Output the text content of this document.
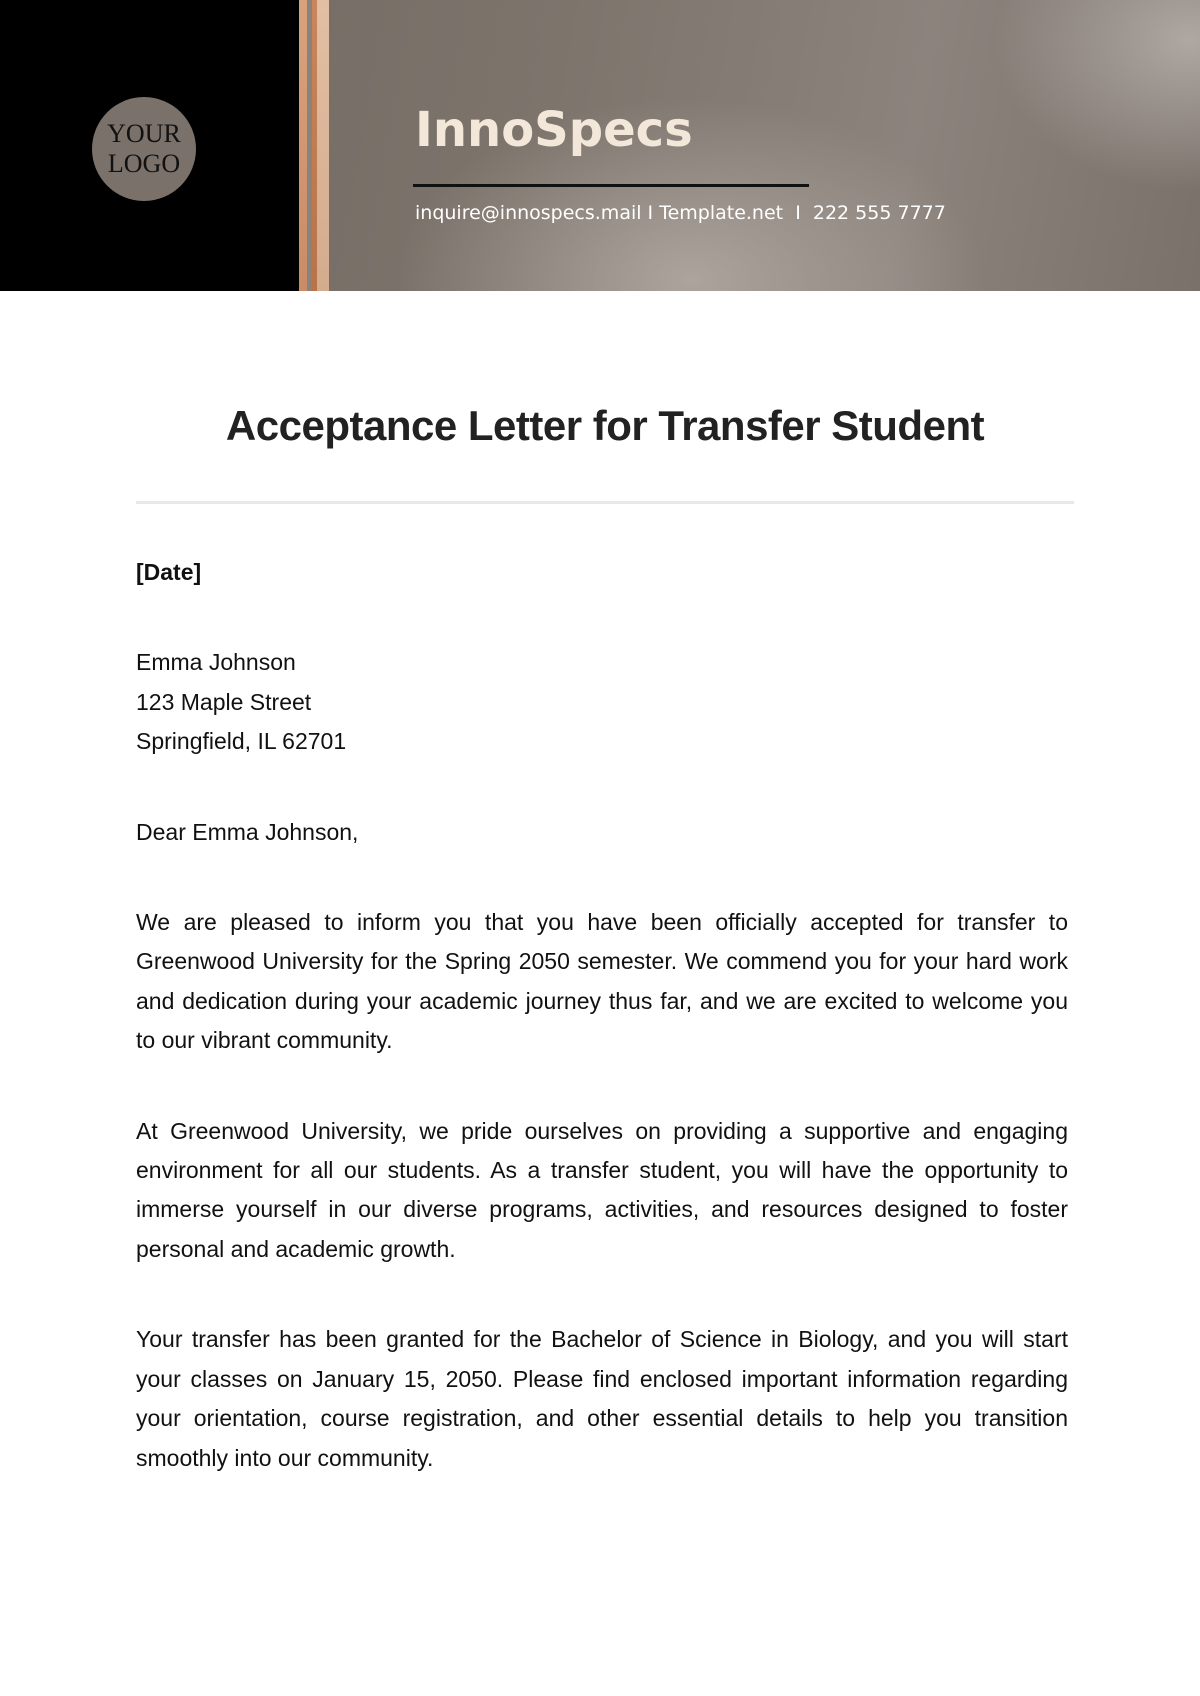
YOUR LOGO
InnoSpecs
inquire@innospecs.mail I Template.net  I  222 555 7777
Acceptance Letter for Transfer Student

[Date]

Emma Johnson

123 Maple Street

Springfield, IL 62701

Dear Emma Johnson,

We are pleased to inform you that you have been officially accepted for transfer to Greenwood University for the Spring 2050 semester. We commend you for your hard work and dedication during your academic journey thus far, and we are excited to welcome you to our vibrant community.

At Greenwood University, we pride ourselves on providing a supportive and engaging environment for all our students. As a transfer student, you will have the opportunity to immerse yourself in our diverse programs, activities, and resources designed to foster personal and academic growth.

Your transfer has been granted for the Bachelor of Science in Biology, and you will start your classes on January 15, 2050. Please find enclosed important information regarding your orientation, course registration, and other essential details to help you transition smoothly into our community.
